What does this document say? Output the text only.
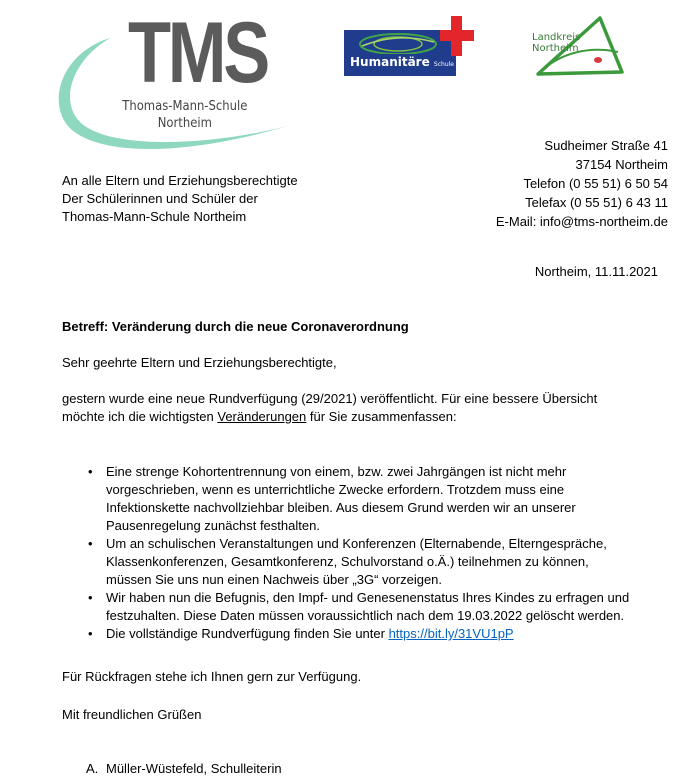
TMS
Thomas-Mann-Schule
Northeim
Humanitäre Schule
Landkreis
Northeim
Sudheimer Straße 41
37154 Northeim
Telefon (0 55 51) 6 50 54
Telefax (0 55 51) 6 43 11
E-Mail: info@tms-northeim.de
An alle Eltern und Erziehungsberechtigte
Der Schülerinnen und Schüler der
Thomas-Mann-Schule Northeim
Northeim, 11.11.2021
Betreff: Veränderung durch die neue Coronaverordnung
Sehr geehrte Eltern und Erziehungsberechtigte,
gestern wurde eine neue Rundverfügung (29/2021) veröffentlicht. Für eine bessere Übersicht
möchte ich die wichtigsten Veränderungen für Sie zusammenfassen:
• Eine strenge Kohortentrennung von einem, bzw. zwei Jahrgängen ist nicht mehr
vorgeschrieben, wenn es unterrichtliche Zwecke erfordern. Trotzdem muss eine
Infektionskette nachvollziehbar bleiben. Aus diesem Grund werden wir an unserer
Pausenregelung zunächst festhalten.
• Um an schulischen Veranstaltungen und Konferenzen (Elternabende, Elterngespräche,
Klassenkonferenzen, Gesamtkonferenz, Schulvorstand o.Ä.) teilnehmen zu können,
müssen Sie uns nun einen Nachweis über „3G“ vorzeigen.
• Wir haben nun die Befugnis, den Impf- und Genesenenstatus Ihres Kindes zu erfragen und
festzuhalten. Diese Daten müssen voraussichtlich nach dem 19.03.2022 gelöscht werden.
• Die vollständige Rundverfügung finden Sie unter https://bit.ly/31VU1pP
Für Rückfragen stehe ich Ihnen gern zur Verfügung.
Mit freundlichen Grüßen
A. Müller-Wüstefeld, Schulleiterin
